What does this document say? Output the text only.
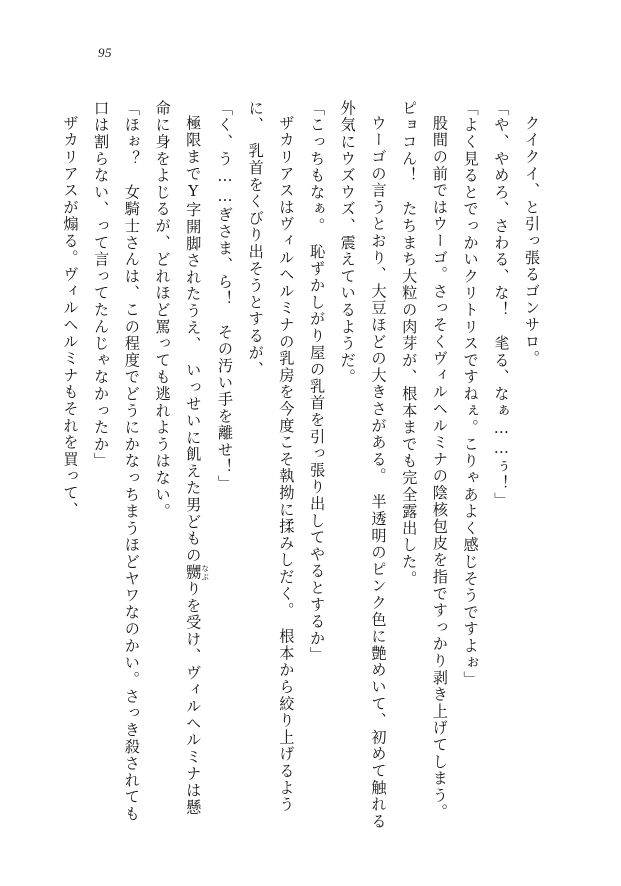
95

クイクイ、と引っ張るゴンサロ。

「や、やめろ、さわる、な！　毟る、なぁ……ぅ！」

「よく見るとでっかいクリトリスですねぇ。こりゃあよく感じそうですよぉ」

股間の前ではウーゴ。さっそくヴィルヘルミナの陰核包皮を指ですっかり剥き上げてしまう。

ピョコん！　たちまち大粒の肉芽が、根本までも完全露出した。

ウーゴの言うとおり、大豆ほどの大きさがある。　半透明のピンク色に艶めいて、初めて触れる外気にウズウズ、震えているようだ。

「こっちもなぁ。　恥ずかしがり屋の乳首を引っ張り出してやるとするか」

ザカリアスはヴィルヘルミナの乳房を今度こそ執拗に揉みしだく。　根本から絞り上げるように、　乳首をくびり出そうとするが、

「く、う……ぎさま、ら！　その汚い手を離せ！」

極限までY字開脚されたうえ、　いっせいに飢えた男どもの嬲なぶりを受け、ヴィルヘルミナは懸命に身をよじるが、どれほど罵っても逃れようはない。

「ほぉ？　女騎士さんは、この程度でどうにかなっちまうほどヤワなのかい。さっき殺されても口は割らない、って言ってたんじゃなかったか」

ザカリアスが煽る。ヴィルヘルミナもそれを買って、
